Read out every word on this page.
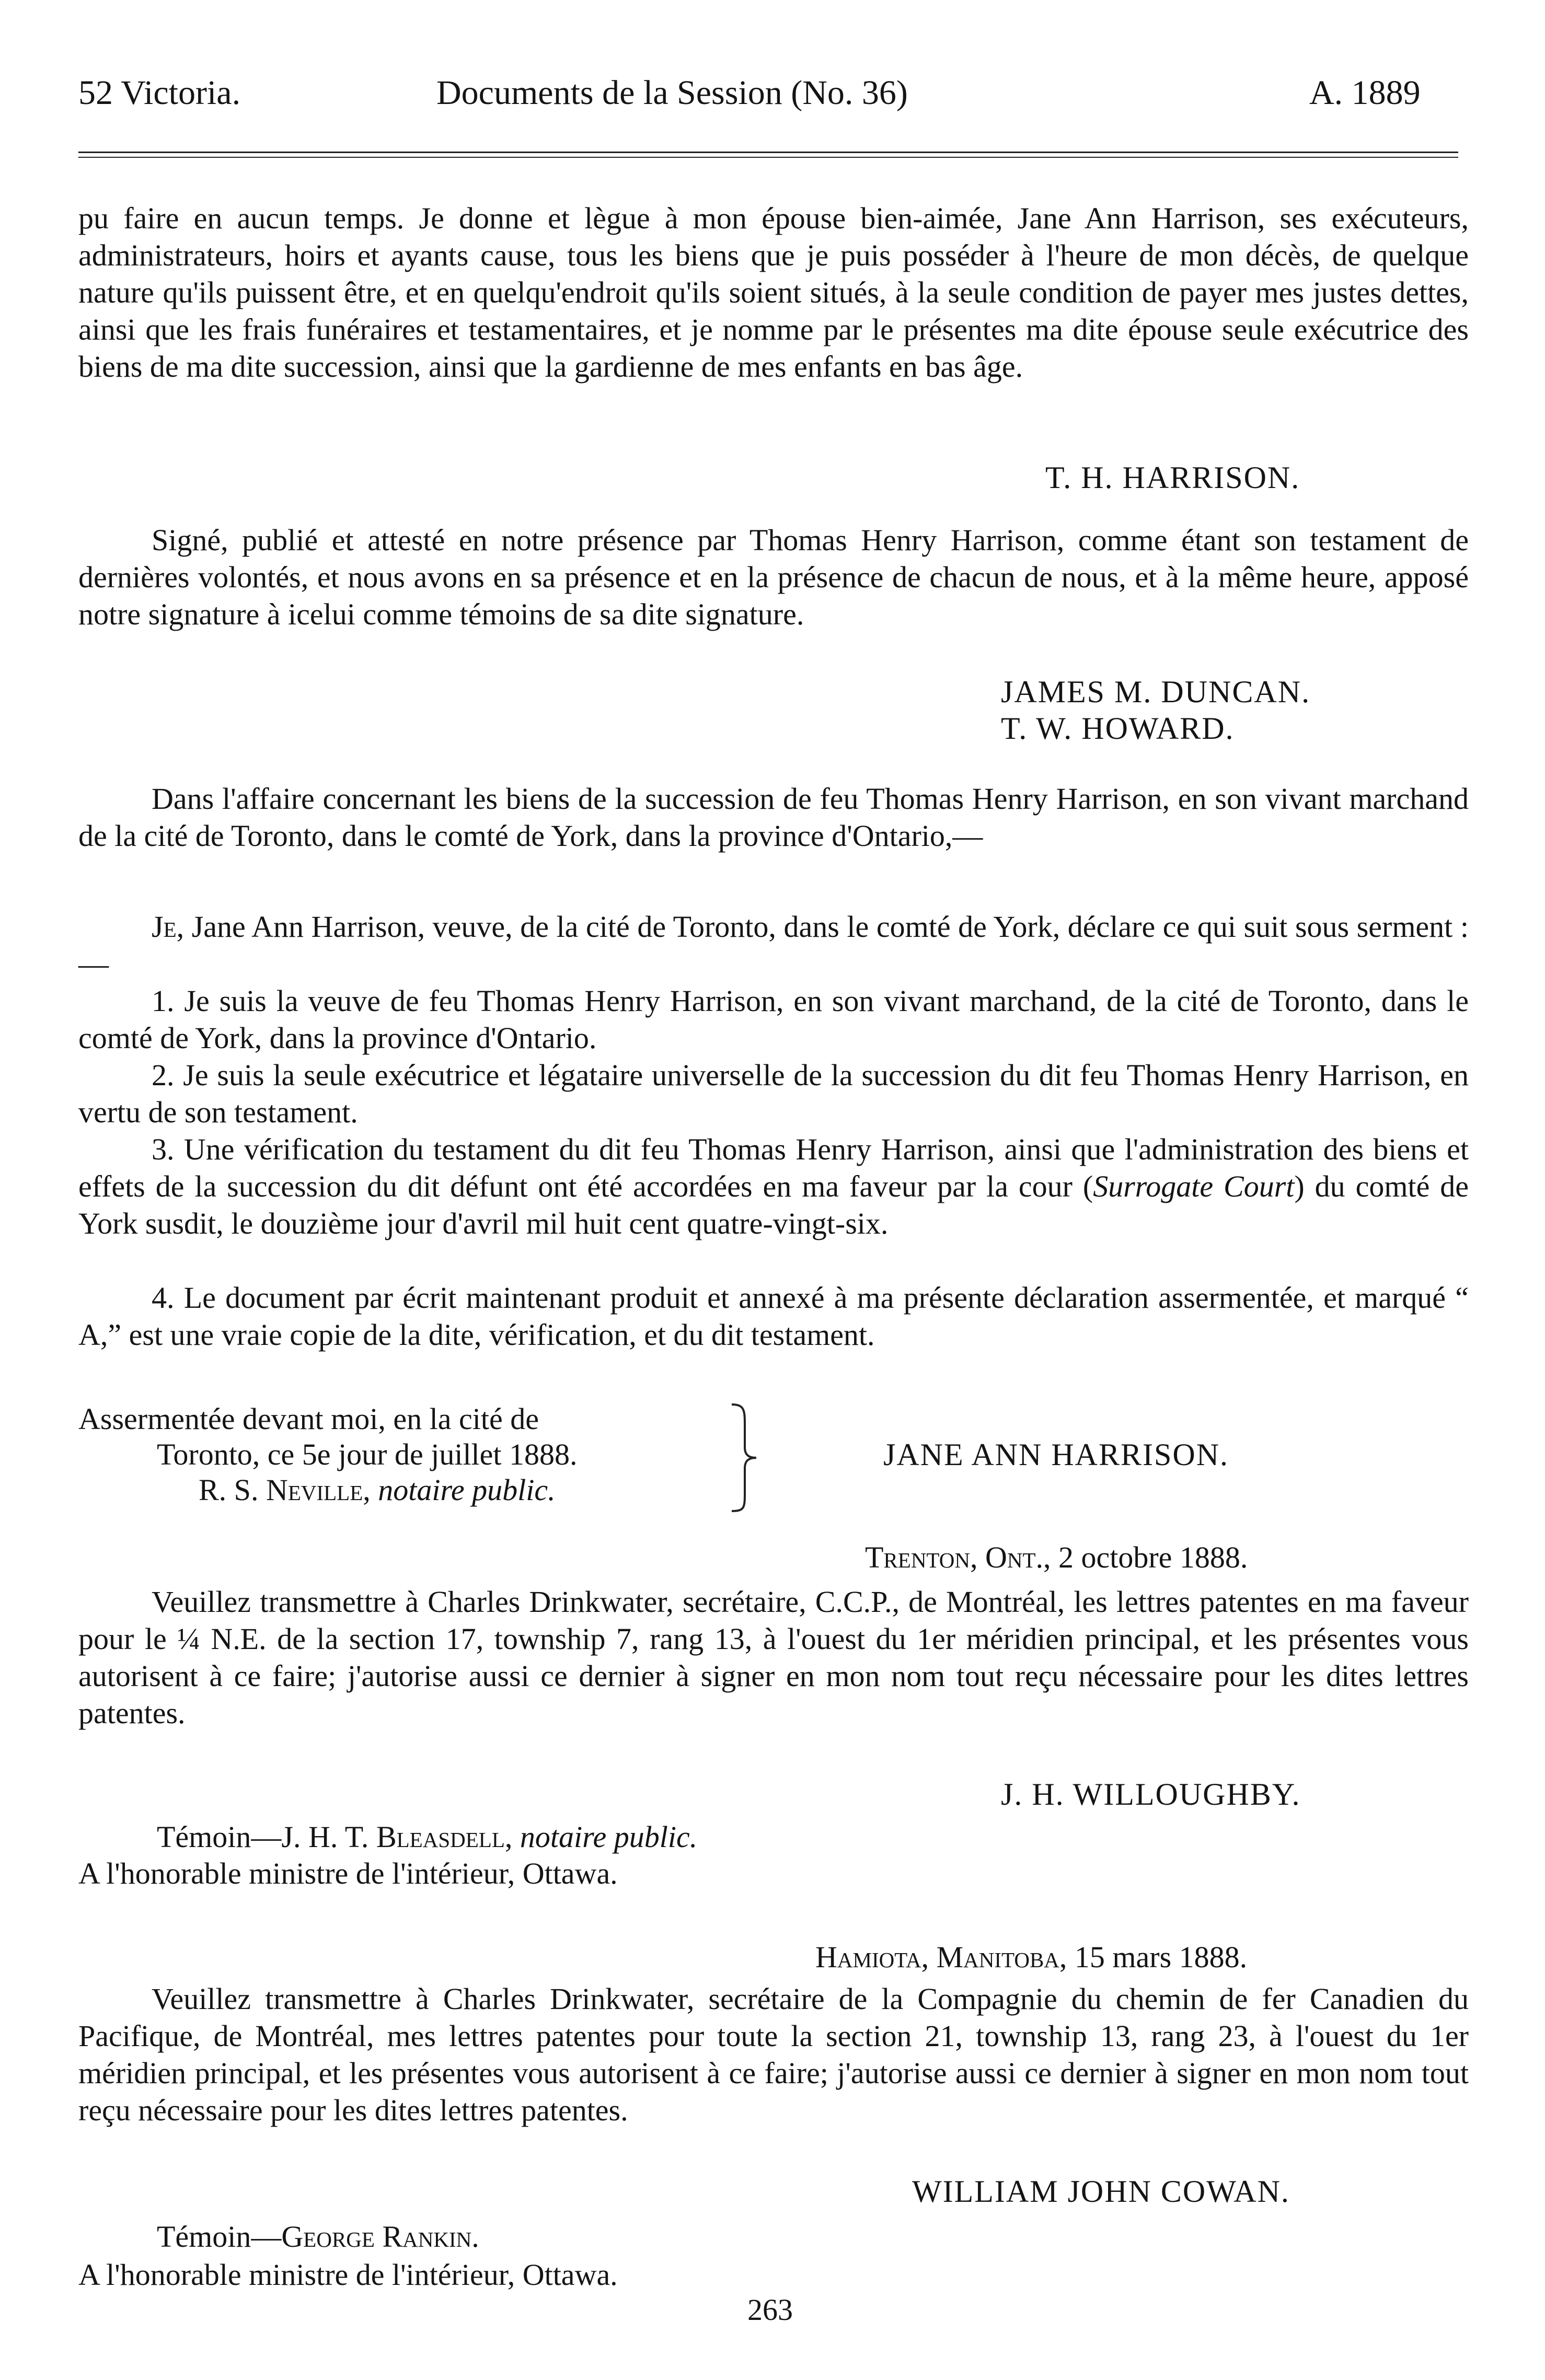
52 Victoria.	Documents de la Session (No. 36)	A. 1889

pu faire en aucun temps. Je donne et lègue à mon épouse bien-aimée, Jane Ann Harrison, ses exécuteurs, administrateurs, hoirs et ayants cause, tous les biens que je puis posséder à l'heure de mon décès, de quelque nature qu'ils puissent être, et en quelqu'endroit qu'ils soient situés, à la seule condition de payer mes justes dettes, ainsi que les frais funéraires et testamentaires, et je nomme par le présentes ma dite épouse seule exécutrice des biens de ma dite succession, ainsi que la gardienne de mes enfants en bas âge.

T. H. HARRISON.

Signé, publié et attesté en notre présence par Thomas Henry Harrison, comme étant son testament de dernières volontés, et nous avons en sa présence et en la présence de chacun de nous, et à la même heure, apposé notre signature à icelui comme témoins de sa dite signature.

JAMES M. DUNCAN.
T. W. HOWARD.

Dans l'affaire concernant les biens de la succession de feu Thomas Henry Harrison, en son vivant marchand de la cité de Toronto, dans le comté de York, dans la province d'Ontario,—

Je, Jane Ann Harrison, veuve, de la cité de Toronto, dans le comté de York, déclare ce qui suit sous serment :—

1. Je suis la veuve de feu Thomas Henry Harrison, en son vivant marchand, de la cité de Toronto, dans le comté de York, dans la province d'Ontario.

2. Je suis la seule exécutrice et légataire universelle de la succession du dit feu Thomas Henry Harrison, en vertu de son testament.

3. Une vérification du testament du dit feu Thomas Henry Harrison, ainsi que l'administration des biens et effets de la succession du dit défunt ont été accordées en ma faveur par la cour (Surrogate Court) du comté de York susdit, le douzième jour d'avril mil huit cent quatre-vingt-six.

4. Le document par écrit maintenant produit et annexé à ma présente déclaration assermentée, et marqué “ A,” est une vraie copie de la dite, vérification, et du dit testament.

Assermentée devant moi, en la cité de
Toronto, ce 5e jour de juillet 1888.
R. S. Neville, notaire public.
JANE ANN HARRISON.
Trenton, Ont., 2 octobre 1888.

Veuillez transmettre à Charles Drinkwater, secrétaire, C.C.P., de Montréal, les lettres patentes en ma faveur pour le ¼ N.E. de la section 17, township 7, rang 13, à l'ouest du 1er méridien principal, et les présentes vous autorisent à ce faire; j'autorise aussi ce dernier à signer en mon nom tout reçu nécessaire pour les dites lettres patentes.

J. H. WILLOUGHBY.
Témoin—J. H. T. Bleasdell, notaire public.
A l'honorable ministre de l'intérieur, Ottawa.
Hamiota, Manitoba, 15 mars 1888.

Veuillez transmettre à Charles Drinkwater, secrétaire de la Compagnie du chemin de fer Canadien du Pacifique, de Montréal, mes lettres patentes pour toute la section 21, township 13, rang 23, à l'ouest du 1er méridien principal, et les présentes vous autorisent à ce faire; j'autorise aussi ce dernier à signer en mon nom tout reçu nécessaire pour les dites lettres patentes.

WILLIAM JOHN COWAN.
Témoin—George Rankin.
A l'honorable ministre de l'intérieur, Ottawa.
263
